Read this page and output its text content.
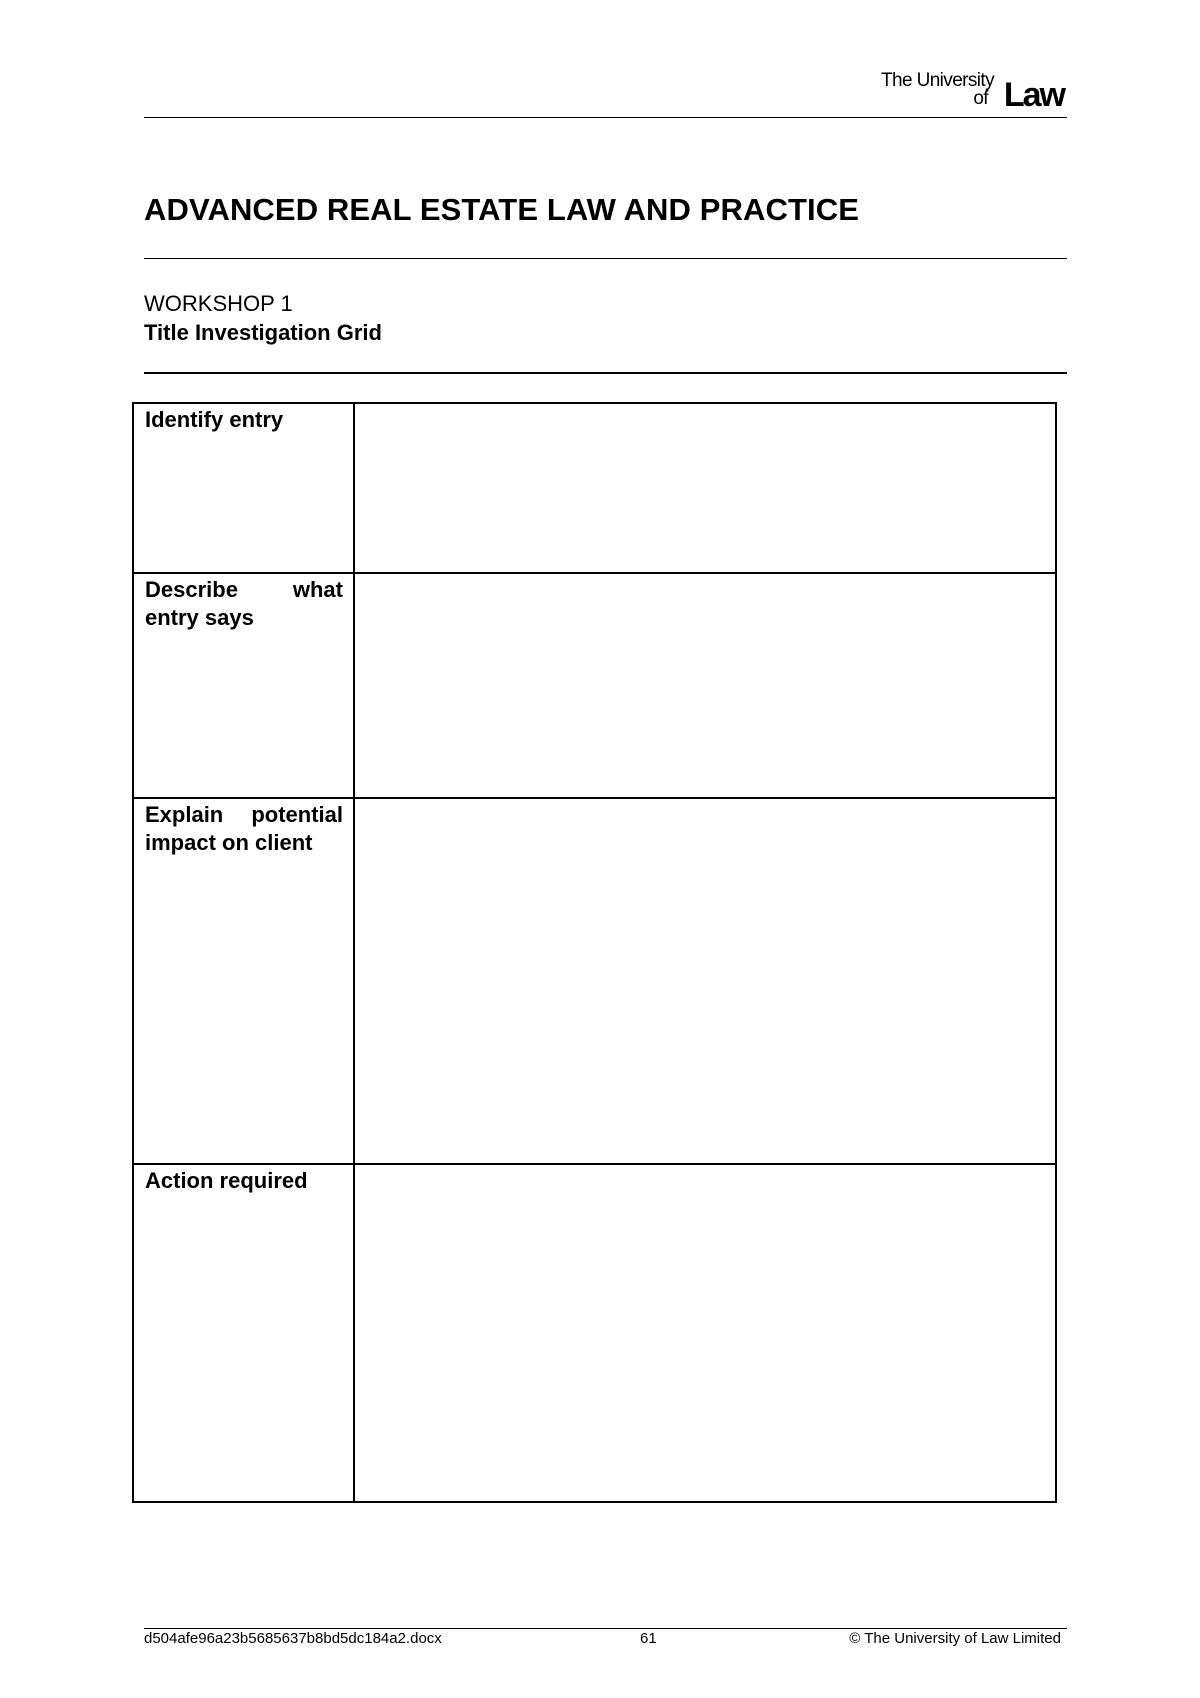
The University
of Law
ADVANCED REAL ESTATE LAW AND PRACTICE
WORKSHOP 1
Title Investigation Grid
Identify entry	
Describe what entry says	
Explain potential impact on client	
Action required	
d504afe96a23b5685637b8bd5dc184a2.docx	61	© The University of Law Limited
